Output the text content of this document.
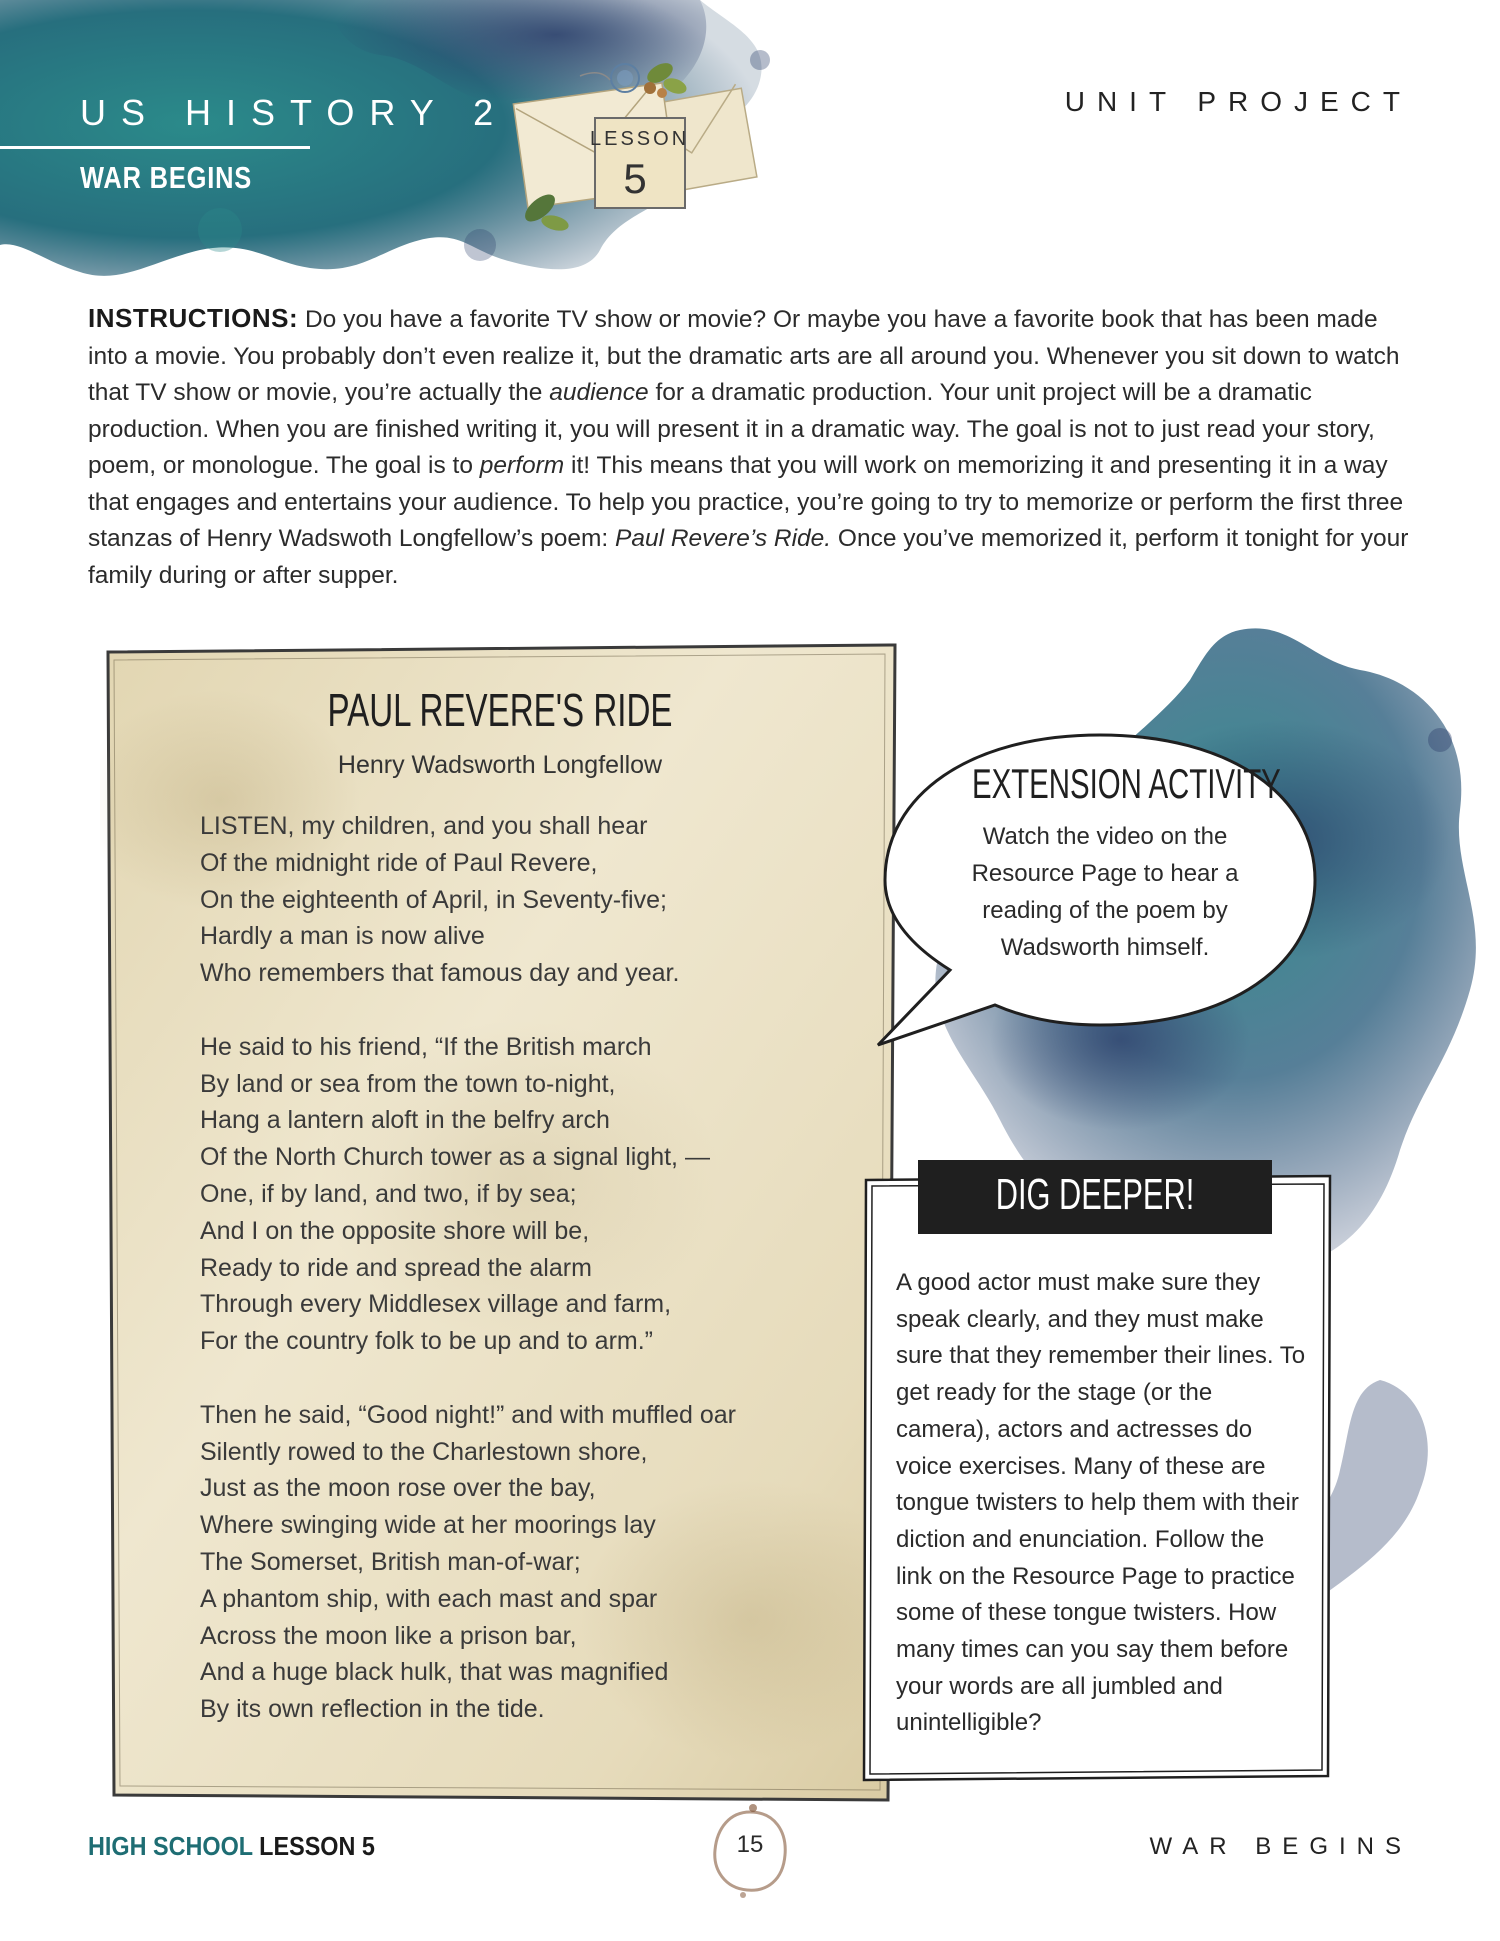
US HISTORY 2
WAR BEGINS
LESSON
5
UNIT PROJECT
INSTRUCTIONS: Do you have a favorite TV show or movie? Or maybe you have a favorite book that has been made into a movie. You probably don’t even realize it, but the dramatic arts are all around you. Whenever you sit down to watch that TV show or movie, you’re actually the audience for a dramatic production. Your unit project will be a dramatic production. When you are finished writing it, you will present it in a dramatic way. The goal is not to just read your story, poem, or monologue. The goal is to perform it! This means that you will work on memorizing it and presenting it in a way that engages and entertains your audience. To help you practice, you’re going to try to memorize or perform the first three stanzas of Henry Wadswoth Longfellow’s poem: Paul Revere’s Ride. Once you’ve memorized it, perform it tonight for your family during or after supper.
PAUL REVERE'S RIDE
Henry Wadsworth Longfellow
LISTEN, my children, and you shall hear
Of the midnight ride of Paul Revere,
On the eighteenth of April, in Seventy-five;
Hardly a man is now alive
Who remembers that famous day and year.
He said to his friend, “If the British march
By land or sea from the town to-night,
Hang a lantern aloft in the belfry arch
Of the North Church tower as a signal light, —
One, if by land, and two, if by sea;
And I on the opposite shore will be,
Ready to ride and spread the alarm
Through every Middlesex village and farm,
For the country folk to be up and to arm.”
Then he said, “Good night!” and with muffled oar
Silently rowed to the Charlestown shore,
Just as the moon rose over the bay,
Where swinging wide at her moorings lay
The Somerset, British man-of-war;
A phantom ship, with each mast and spar
Across the moon like a prison bar,
And a huge black hulk, that was magnified
By its own reflection in the tide.
EXTENSION ACTIVITY
Watch the video on the Resource Page to hear a reading of the poem by Wadsworth himself.
DIG DEEPER!
A good actor must make sure they speak clearly, and they must make sure that they remember their lines. To get ready for the stage (or the camera), actors and actresses do voice exercises. Many of these are tongue twisters to help them with their diction and enunciation. Follow the link on the Resource Page to practice some of these tongue twisters. How many times can you say them before your words are all jumbled and unintelligible?
HIGH SCHOOL LESSON 5	15	WAR BEGINS
